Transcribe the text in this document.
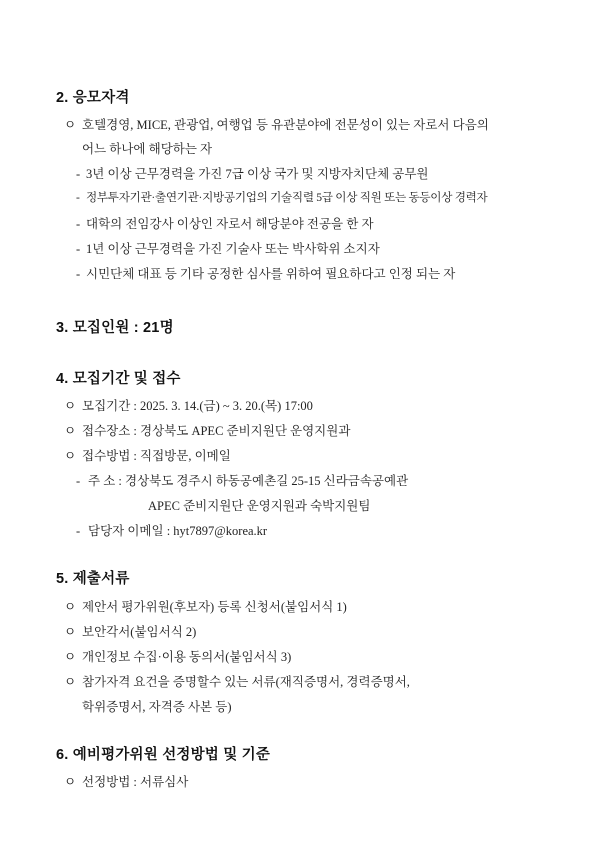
2. 응모자격

ㅇ 호텔경영, MICE, 관광업, 여행업 등 유관분야에 전문성이 있는 자로서 다음의

어느 하나에 해당하는 자

- 3년 이상 근무경력을 가진 7급 이상 국가 및 지방자치단체 공무원

- 정부투자기관·출연기관·지방공기업의 기술직렬 5급 이상 직원 또는 동등이상 경력자

- 대학의 전임강사 이상인 자로서 해당분야 전공을 한 자

- 1년 이상 근무경력을 가진 기술사 또는 박사학위 소지자

- 시민단체 대표 등 기타 공정한 심사를 위하여 필요하다고 인정 되는 자

3. 모집인원 : 21명
4. 모집기간 및 접수

ㅇ 모집기간 : 2025. 3. 14.(금) ~ 3. 20.(목) 17:00

ㅇ 접수장소 : 경상북도 APEC 준비지원단 운영지원과

ㅇ 접수방법 : 직접방문, 이메일

- 주 소 : 경상북도 경주시 하동공예촌길 25-15 신라금속공예관

APEC 준비지원단 운영지원과 숙박지원팀

- 담당자 이메일 : hyt7897@korea.kr

5. 제출서류

ㅇ 제안서 평가위원(후보자) 등록 신청서(붙임서식 1)

ㅇ 보안각서(붙임서식 2)

ㅇ 개인정보 수집·이용 동의서(붙임서식 3)

ㅇ 참가자격 요건을 증명할수 있는 서류(재직증명서, 경력증명서,

학위증명서, 자격증 사본 등)

6. 예비평가위원 선정방법 및 기준

ㅇ 선정방법 : 서류심사
